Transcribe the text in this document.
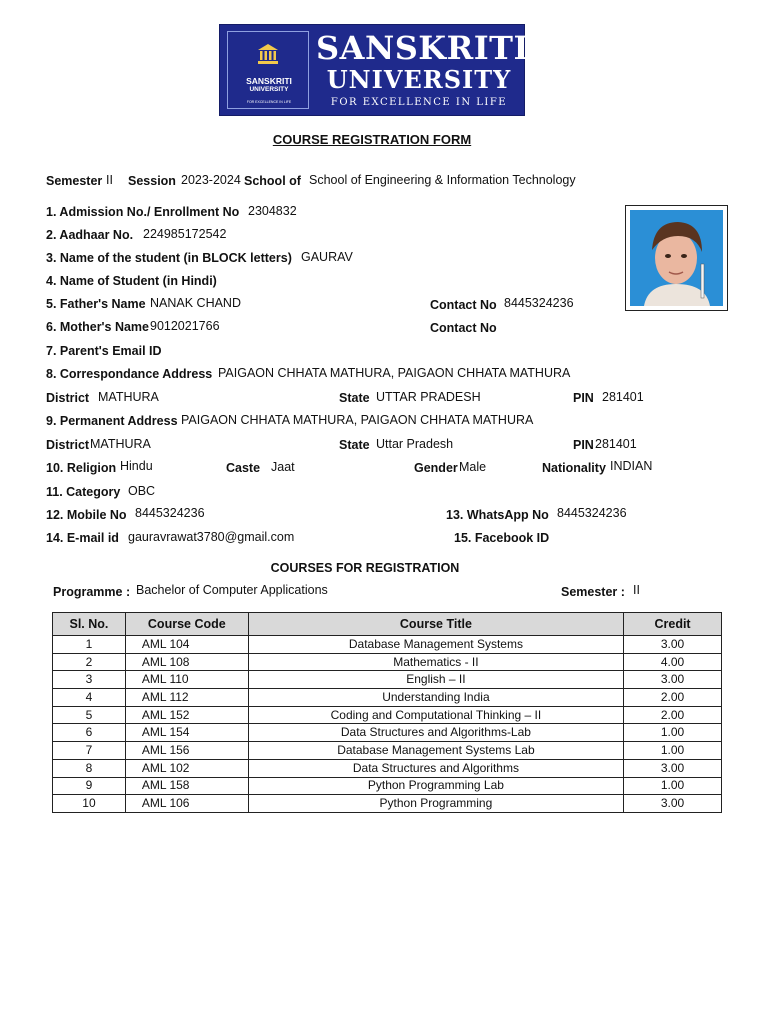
SANSKRITI
UNIVERSITY
FOR EXCELLENCE IN LIFE
SANSKRITI
UNIVERSITY
FOR EXCELLENCE IN LIFE
COURSE REGISTRATION FORM
Semester II Session 2023-2024 School of School of Engineering & Information Technology
1. Admission No./ Enrollment No 2304832
2. Aadhaar No. 224985172542
3. Name of the student (in BLOCK letters) GAURAV
4. Name of Student (in Hindi)
5. Father's Name NANAK CHAND	Contact No 8445324236
6. Mother's Name 9012021766	Contact No
7. Parent's Email ID
8. Correspondance Address PAIGAON CHHATA MATHURA, PAIGAON CHHATA MATHURA
District MATHURA	State UTTAR PRADESH	PIN 281401
9. Permanent Address PAIGAON CHHATA MATHURA, PAIGAON CHHATA MATHURA
District MATHURA	State Uttar Pradesh	PIN 281401
10. Religion Hindu	Caste Jaat	Gender Male	Nationality INDIAN
11. Category OBC
12. Mobile No 8445324236	13. WhatsApp No 8445324236
14. E-mail id gauravrawat3780@gmail.com	15. Facebook ID
COURSES FOR REGISTRATION
Programme : Bachelor of Computer Applications	Semester : II
Sl. No.	Course Code	Course Title	Credit
1	AML 104	Database Management Systems	3.00
2	AML 108	Mathematics - II	4.00
3	AML 110	English – II	3.00
4	AML 112	Understanding India	2.00
5	AML 152	Coding and Computational Thinking – II	2.00
6	AML 154	Data Structures and Algorithms-Lab	1.00
7	AML 156	Database Management Systems Lab	1.00
8	AML 102	Data Structures and Algorithms	3.00
9	AML 158	Python Programming Lab	1.00
10	AML 106	Python Programming	3.00
